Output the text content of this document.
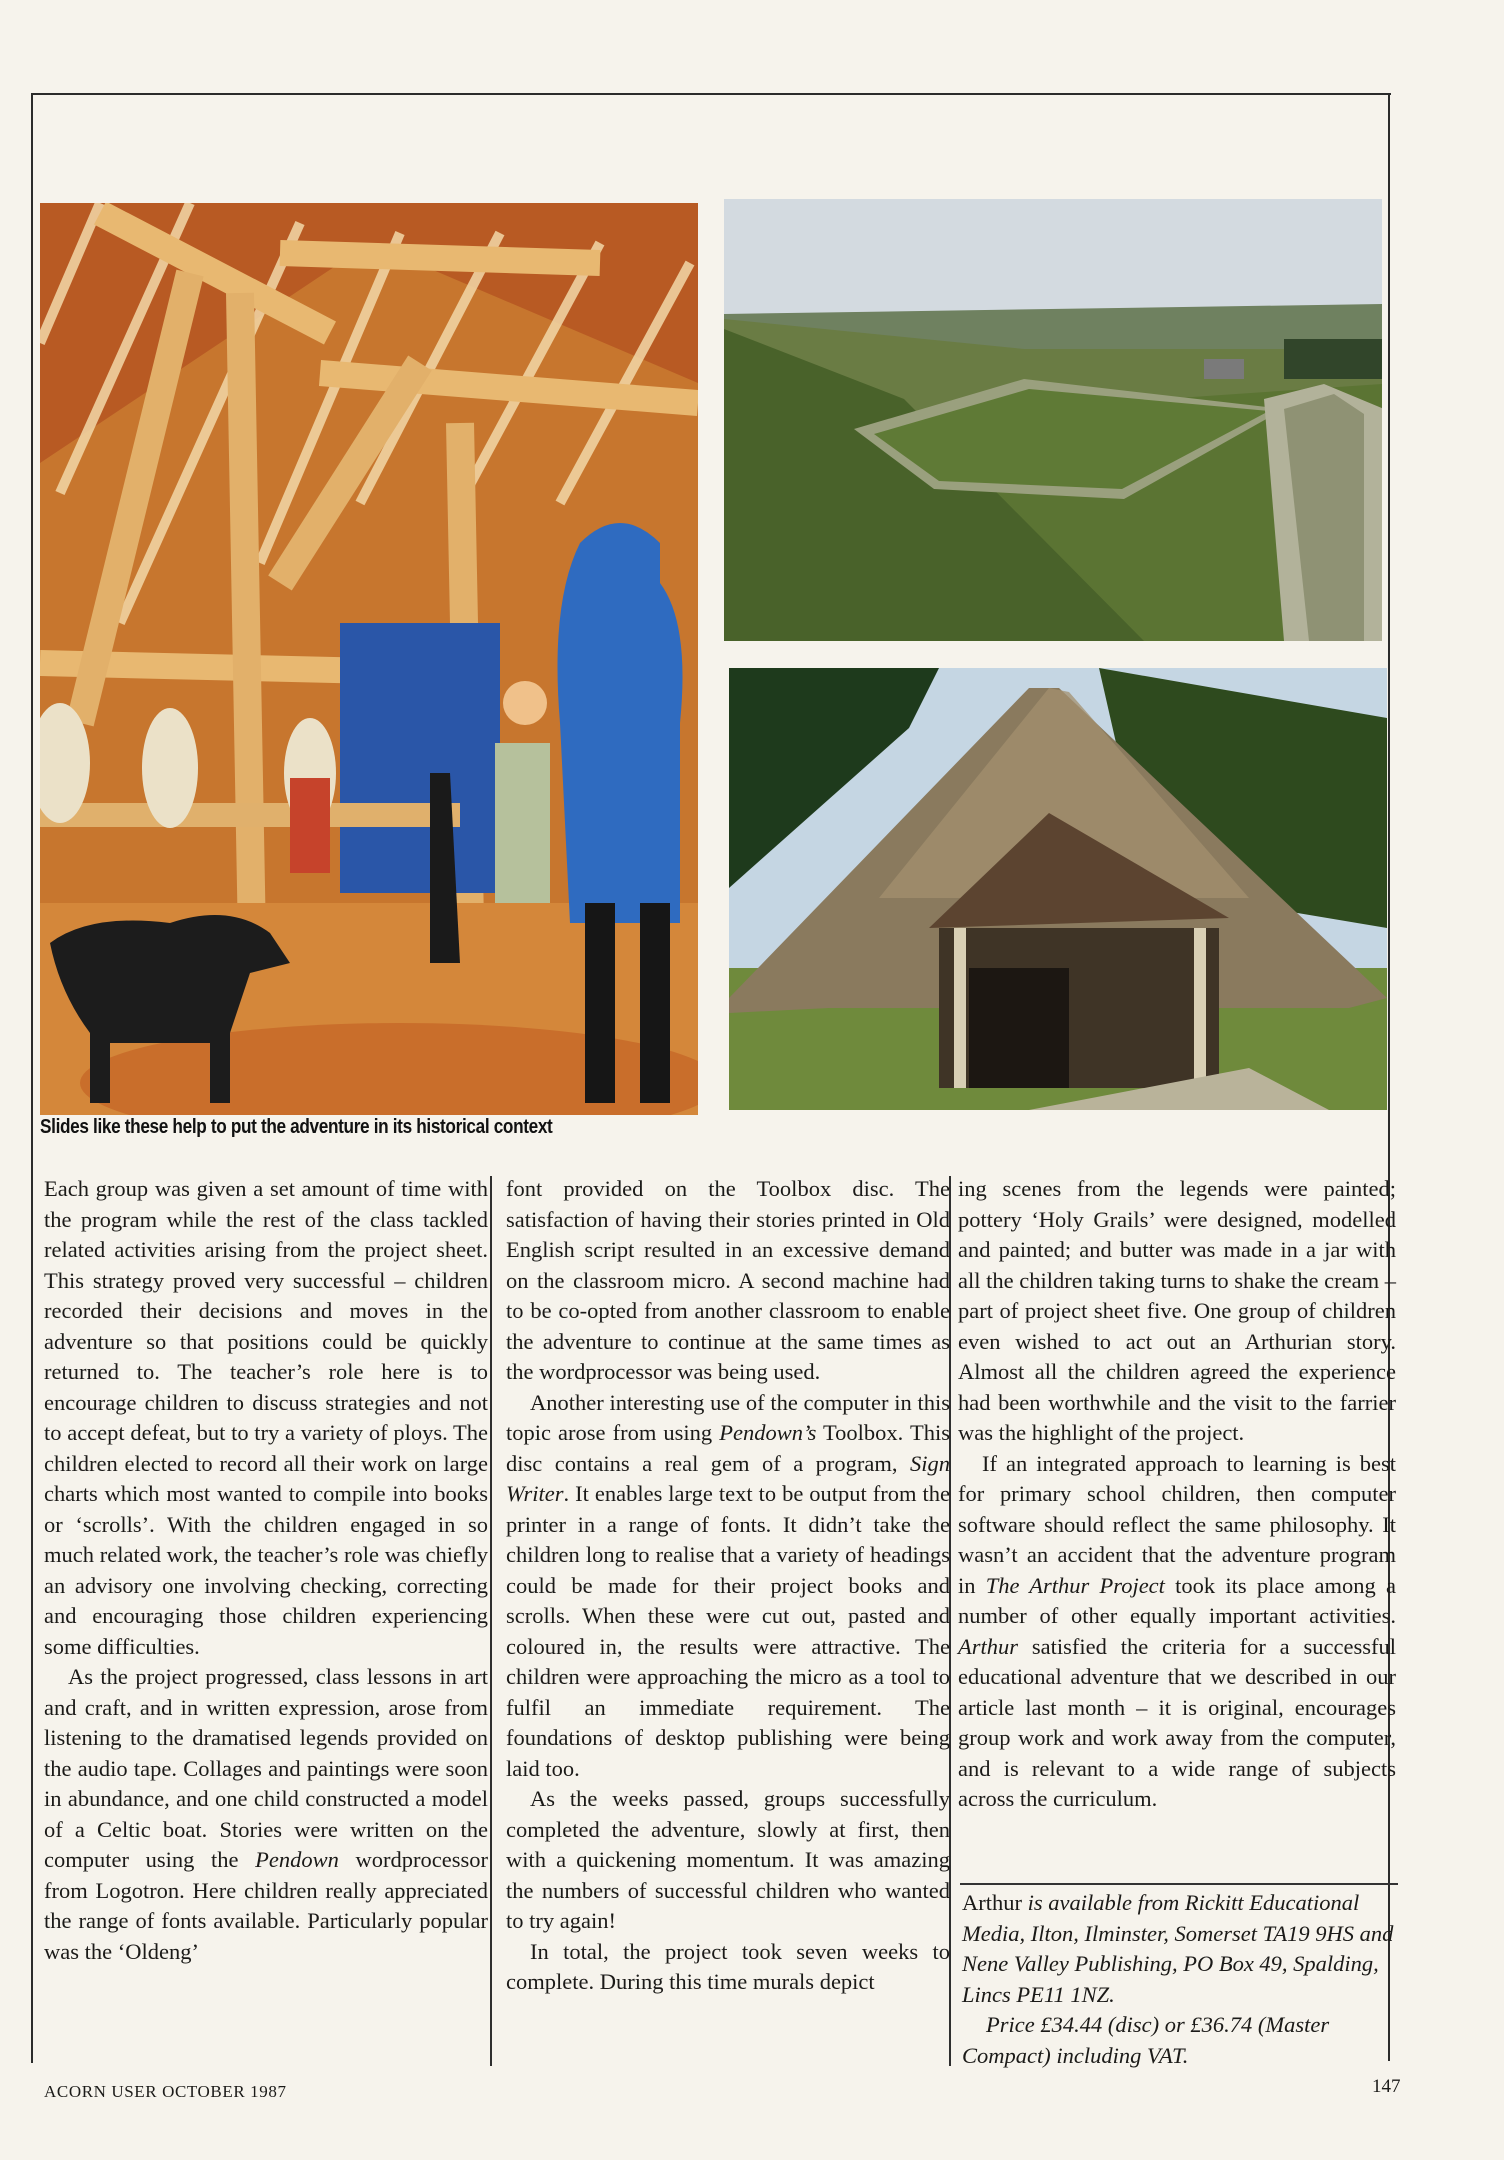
Slides like these help to put the adventure in its historical context

Each group was given a set amount of time with the program while the rest of the class tackled related activities arising from the project sheet. This strategy proved very successful – children recorded their decisions and moves in the adventure so that positions could be quickly returned to. The teacher’s role here is to encourage children to discuss strategies and not to accept defeat, but to try a variety of ploys. The children elected to record all their work on large charts which most wanted to compile into books or ‘scrolls’. With the children engaged in so much related work, the teacher’s role was chiefly an advisory one involving checking, correcting and encouraging those children experiencing some difficulties.

As the project progressed, class lessons in art and craft, and in written expression, arose from listening to the dramatised legends provided on the audio tape. Collages and paintings were soon in abundance, and one child constructed a model of a Celtic boat. Stories were written on the computer using the Pendown wordprocessor from Logotron. Here children really appreciated the range of fonts available. Particularly popular was the ‘Oldeng’

font provided on the Toolbox disc. The satisfaction of having their stories printed in Old English script resulted in an excessive demand on the classroom micro. A second machine had to be co-opted from another classroom to enable the adventure to continue at the same times as the wordprocessor was being used.

Another interesting use of the computer in this topic arose from using Pendown’s Toolbox. This disc contains a real gem of a program, Sign Writer. It enables large text to be output from the printer in a range of fonts. It didn’t take the children long to realise that a variety of headings could be made for their project books and scrolls. When these were cut out, pasted and coloured in, the results were attractive. The children were approaching the micro as a tool to fulfil an immediate requirement. The foundations of desktop publishing were being laid too.

As the weeks passed, groups successfully completed the adventure, slowly at first, then with a quickening momentum. It was amazing the numbers of successful children who wanted to try again!

In total, the project took seven weeks to complete. During this time murals depict

ing scenes from the legends were painted; pottery ‘Holy Grails’ were designed, modelled and painted; and butter was made in a jar with all the children taking turns to shake the cream – part of project sheet five. One group of children even wished to act out an Arthurian story. Almost all the children agreed the experience had been worthwhile and the visit to the farrier was the highlight of the project.

If an integrated approach to learning is best for primary school children, then computer software should reflect the same philosophy. It wasn’t an accident that the adventure program in The Arthur Project took its place among a number of other equally important activities. Arthur satisfied the criteria for a successful educational adventure that we described in our article last month – it is original, encourages group work and work away from the computer, and is relevant to a wide range of subjects across the curriculum.

Arthur is available from Rickitt Educational Media, Ilton, Ilminster, Somerset TA19 9HS and Nene Valley Publishing, PO Box 49, Spalding, Lincs PE11 1NZ.

Price £34.44 (disc) or £36.74 (Master Compact) including VAT.

ACORN USER OCTOBER 1987	147
